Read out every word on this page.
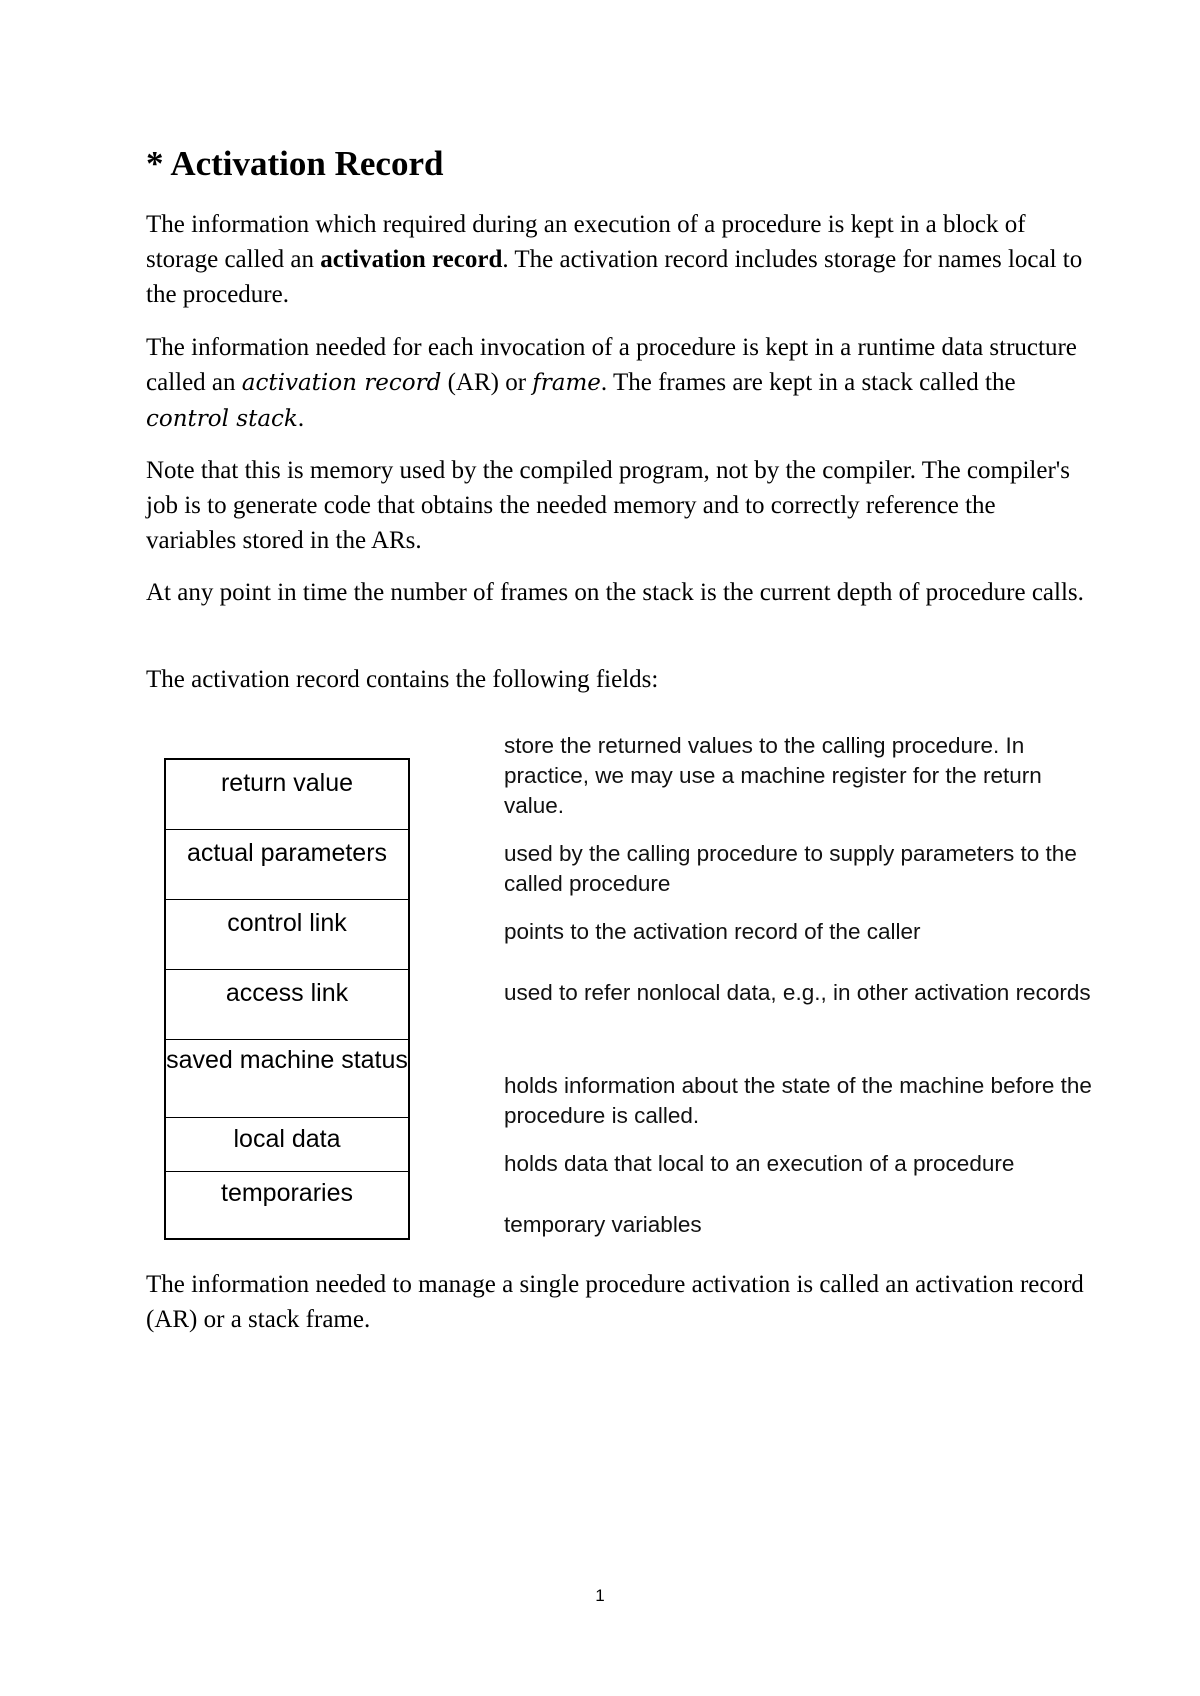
* Activation Record

The information which required during an execution of a procedure is kept in a block of storage called an activation record. The activation record includes storage for names local to the procedure.

The information needed for each invocation of a procedure is kept in a runtime data structure called an activation record (AR) or frame. The frames are kept in a stack called the control stack.

Note that this is memory used by the compiled program, not by the compiler. The compiler's job is to generate code that obtains the needed memory and to correctly reference the variables stored in the ARs.

At any point in time the number of frames on the stack is the current depth of procedure calls.

The activation record contains the following fields:

return value
actual parameters
control link
access link
saved machine status
local data
temporaries

store the returned values to the calling procedure. In practice, we may use a machine register for the return value.

used by the calling procedure to supply parameters to the called procedure

points to the activation record of the caller

used to refer nonlocal data, e.g., in other activation records

holds information about the state of the machine before the procedure is called.

holds data that local to an execution of a procedure

temporary variables

The information needed to manage a single procedure activation is called an activation record (AR) or a stack frame.

1
